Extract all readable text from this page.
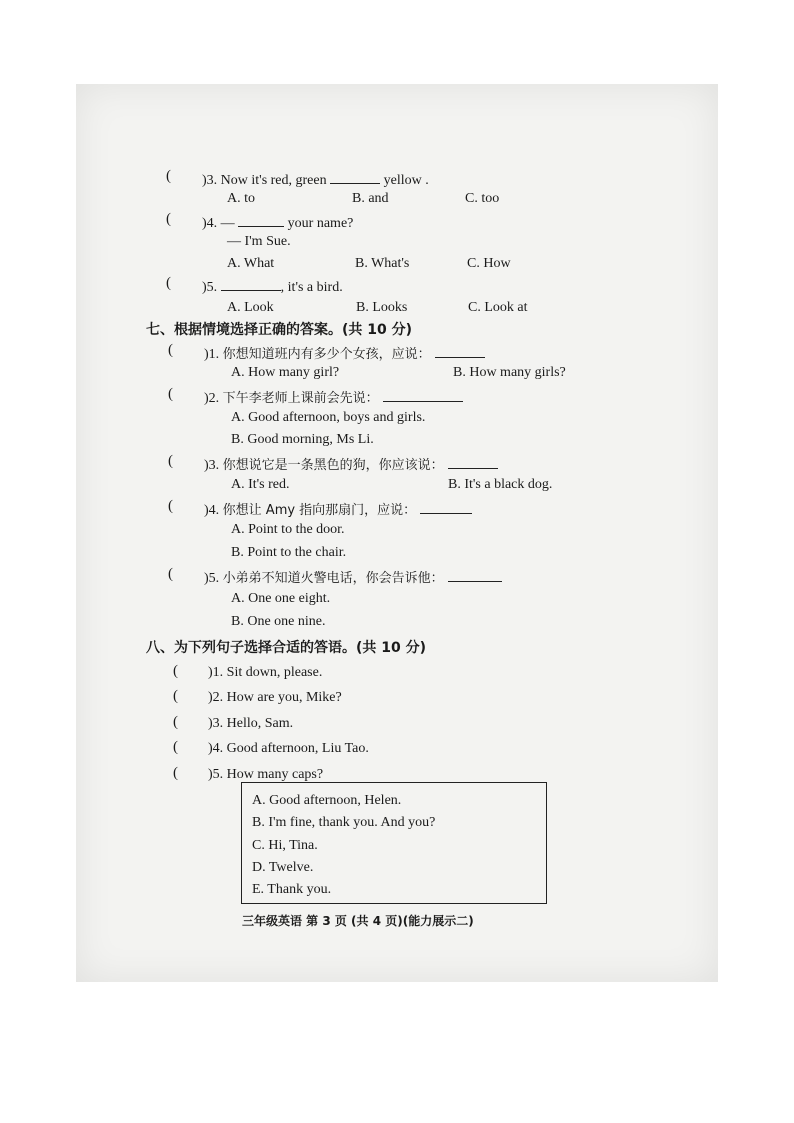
( )3. Now it's red, green	yellow .
A. to	B. and	C. too
( )4. —	your name?
— I'm Sue.
A. What	B. What's	C. How
( )5.	, it's a bird.
A. Look	B. Looks	C. Look at
七、根据情境选择正确的答案。(共 10 分)
( )1. 你想知道班内有多少个女孩，应说：
A. How many girl?	B. How many girls?
( )2. 下午李老师上课前会先说：
A. Good afternoon, boys and girls.
B. Good morning, Ms Li.
( )3. 你想说它是一条黑色的狗，你应该说：
A. It's red.	B. It's a black dog.
( )4. 你想让 Amy 指向那扇门，应说：
A. Point to the door.
B. Point to the chair.
( )5. 小弟弟不知道火警电话，你会告诉他：
A. One one eight.
B. One one nine.
八、为下列句子选择合适的答语。(共 10 分)
( )1. Sit down, please.
( )2. How are you, Mike?
( )3. Hello, Sam.
( )4. Good afternoon, Liu Tao.
( )5. How many caps?
A. Good afternoon, Helen.
B. I'm fine, thank you. And you?
C. Hi, Tina.
D. Twelve.
E. Thank you.
三年级英语 第 3 页 (共 4 页)(能力展示二)
